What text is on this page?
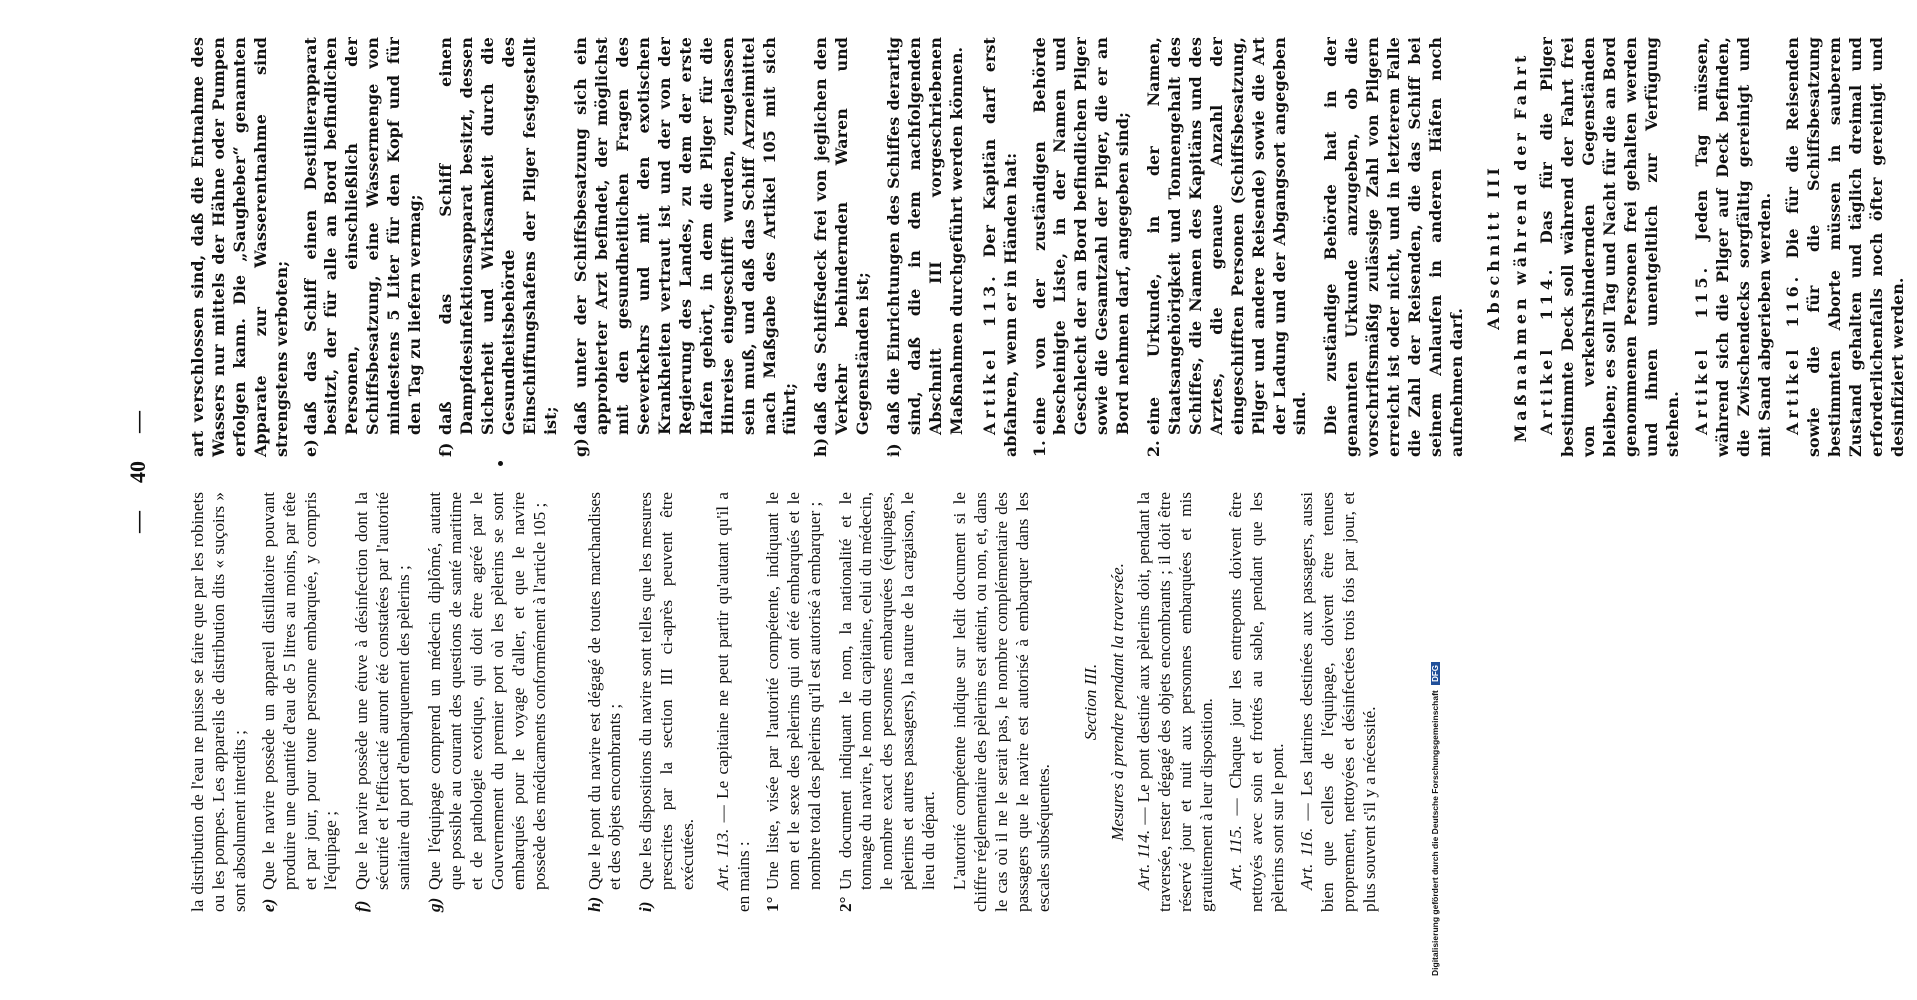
—
40
—

la distribution de l'eau ne puisse se faire que par les robinets ou les pompes. Les appareils de distribution dits « suçoirs » sont absolument interdits ; e)
Que le navire possède un appareil distillatoire pouvant produire une quantité d'eau de 5 litres au moins, par tête et par jour, pour toute personne embarquée, y compris l'équipage ;
f)
Que le navire possède une étuve à désinfection dont la sécurité et l'efficacité auront été constatées par l'autorité sanitaire du port d'embarquement des pèlerins ;
g)
Que l'équipage comprend un médecin diplômé, autant que possible au courant des questions de santé maritime et de pathologie exotique, qui doit être agréé par le Gouvernement du premier port où les pèlerins se sont embarqués pour le voyage d'aller, et que le navire possède des médicaments conformément à l'article 105 ;
h)
Que le pont du navire est dégagé de toutes marchandises et des objets encombrants ;
i)
Que les dispositions du navire sont telles que les mesures prescrites par la section III ci-après peuvent être exécutées. Art. 113. — Le capitaine ne peut partir qu'autant qu'il a en mains : 1°
Une liste, visée par l'autorité compétente, indiquant le nom et le sexe des pèlerins qui ont été embarqués et le nombre total des pèlerins qu'il est autorisé à embarquer ;
2°
Un document indiquant le nom, la nationalité et le tonnage du navire, le nom du capitaine, celui du médecin, le nombre exact des personnes embarquées (équipages, pèlerins et autres passagers), la nature de la cargaison, le lieu du départ. L'autorité compétente indique sur ledit document si le chiffre réglementaire des pèlerins est atteint, ou non, et, dans le cas où il ne le serait pas, le nombre complémentaire des passagers que le navire est autorisé à embarquer dans les escales subséquentes.

Section III. Mesures à prendre pendant la traversée.

Art. 114. — Le pont destiné aux pèlerins doit, pendant la traversée, rester dégagé des objets encombrants ; il doit être réservé jour et nuit aux personnes embarquées et mis gratuitement à leur disposition. Art. 115. — Chaque jour les entreponts doivent être nettoyés avec soin et frottés au sable, pendant que les pèlerins sont sur le pont. Art. 116. — Les latrines destinées aux passagers, aussi bien que celles de l'équipage, doivent être tenues proprement, nettoyées et désinfectées trois fois par jour, et plus souvent s'il y a nécessité.

art verschlossen sind, daß die Entnahme des Wassers nur mittels der Hähne oder Pumpen erfolgen kann. Die „Saugheber“ genannten Apparate zur Wasserentnahme sind strengstens verboten; e)
daß das Schiff einen Destillierapparat besitzt, der für alle an Bord befindlichen Personen, einschließlich der Schiffsbesatzung, eine Wassermenge von mindestens 5 Liter für den Kopf und für den Tag zu liefern vermag;
f)
daß das Schiff einen Dampfdesinfektionsapparat besitzt, dessen Sicherheit und Wirksamkeit durch die Gesundheitsbehörde des Einschiffungshafens der Pilger festgestellt ist;
g)
daß unter der Schiffsbesatzung sich ein approbierter Arzt befindet, der möglichst mit den gesundheitlichen Fragen des Seeverkehrs und mit den exotischen Krankheiten vertraut ist und der von der Regierung des Landes, zu dem der erste Hafen gehört, in dem die Pilger für die Hinreise eingeschifft wurden, zugelassen sein muß, und daß das Schiff Arzneimittel nach Maßgabe des Artikel 105 mit sich führt;
h)
daß das Schiffsdeck frei von jeglichen den Verkehr behindernden Waren und Gegenständen ist;
i)
daß die Einrichtungen des Schiffes derartig sind, daß die in dem nachfolgenden Abschnitt III vorgeschriebenen Maßnahmen durchgeführt werden können. Artikel 113. Der Kapitän darf erst abfahren, wenn er in Händen hat: 1.
eine von der zuständigen Behörde bescheinigte Liste, in der Namen und Geschlecht der an Bord befindlichen Pilger sowie die Gesamtzahl der Pilger, die er an Bord nehmen darf, angegeben sind;
2.
eine Urkunde, in der Namen, Staatsangehörigkeit und Tonnengehalt des Schiffes, die Namen des Kapitäns und des Arztes, die genaue Anzahl der eingeschifften Personen (Schiffsbesatzung, Pilger und andere Reisende) sowie die Art der Ladung und der Abgangsort angegeben sind. Die zuständige Behörde hat in der genannten Urkunde anzugeben, ob die vorschriftsmäßig zulässige Zahl von Pilgern erreicht ist oder nicht, und in letzterem Falle die Zahl der Reisenden, die das Schiff bei seinem Anlaufen in anderen Häfen noch aufnehmen darf.

Abschnitt III Maßnahmen während der Fahrt Artikel 114. Das für die Pilger bestimmte Deck soll während der Fahrt frei von verkehrshindernden Gegenständen bleiben; es soll Tag und Nacht für die an Bord genommenen Personen frei gehalten werden und ihnen unentgeltlich zur Verfügung stehen. Artikel 115. Jeden Tag müssen, während sich die Pilger auf Deck befinden, die Zwischendecks sorgfältig gereinigt und mit Sand abgerieben werden. Artikel 116. Die für die Reisenden sowie die für die Schiffsbesatzung bestimmten Aborte müssen in sauberem Zustand gehalten und täglich dreimal und erforderlichenfalls noch öfter gereinigt und desinfiziert werden.

Digitalisierung gefördert durch die Deutsche Forschungsgemeinschaft DFG
